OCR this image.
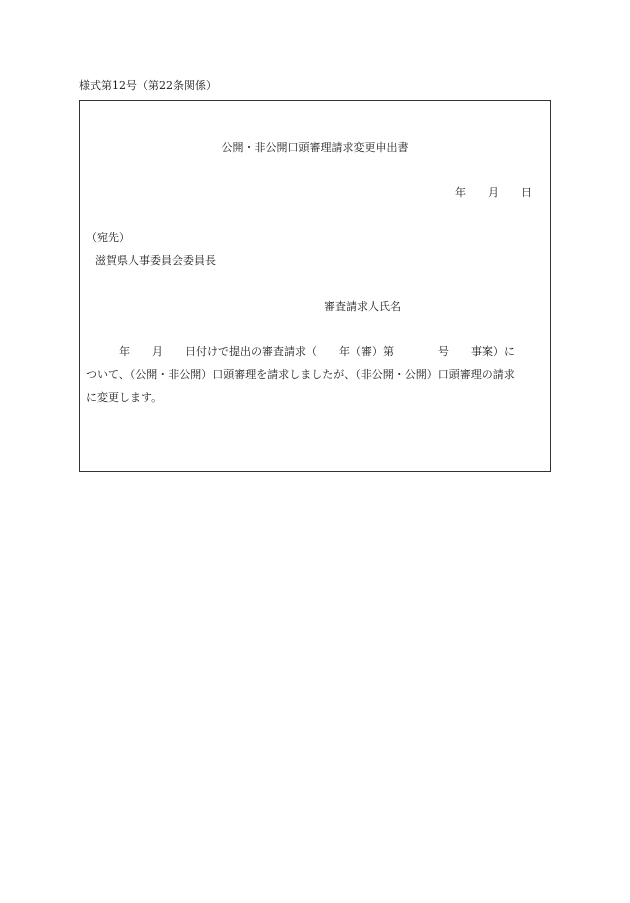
様式第12号（第22条関係）
公開・非公開口頭審理請求変更申出書
年　　月　　日
（宛先）
滋賀県人事委員会委員長
審査請求人氏名
　　　年　　月　　日付けで提出の審査請求（　　年（審）第　　　　号　　事案）に
ついて、（公開・非公開）口頭審理を請求しましたが、（非公開・公開）口頭審理の請求
に変更します。
